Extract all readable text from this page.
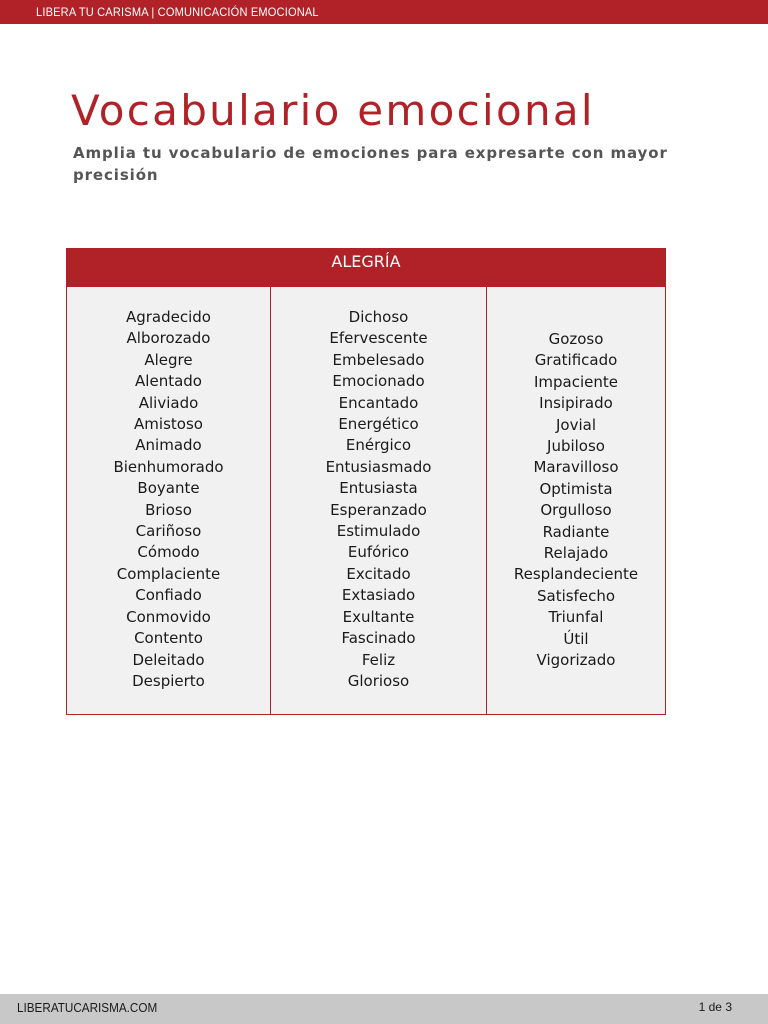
LIBERA TU CARISMA | COMUNICACIÓN EMOCIONAL
Vocabulario emocional

Amplia tu vocabulario de emociones para expresarte con mayor precisión

ALEGRÍA
Agradecido
Alborozado
Alegre
Alentado
Aliviado
Amistoso
Animado
Bienhumorado
Boyante
Brioso
Cariñoso
Cómodo
Complaciente
Confiado
Conmovido
Contento
Deleitado
Despierto
Dichoso
Efervescente
Embelesado
Emocionado
Encantado
Energético
Enérgico
Entusiasmado
Entusiasta
Esperanzado
Estimulado
Eufórico
Excitado
Extasiado
Exultante
Fascinado
Feliz
Glorioso
Gozoso
Gratificado
Impaciente
Insipirado
Jovial
Jubiloso
Maravilloso
Optimista
Orgulloso
Radiante
Relajado
Resplandeciente
Satisfecho
Triunfal
Útil
Vigorizado
LIBERATUCARISMA.COM	1 de 3
